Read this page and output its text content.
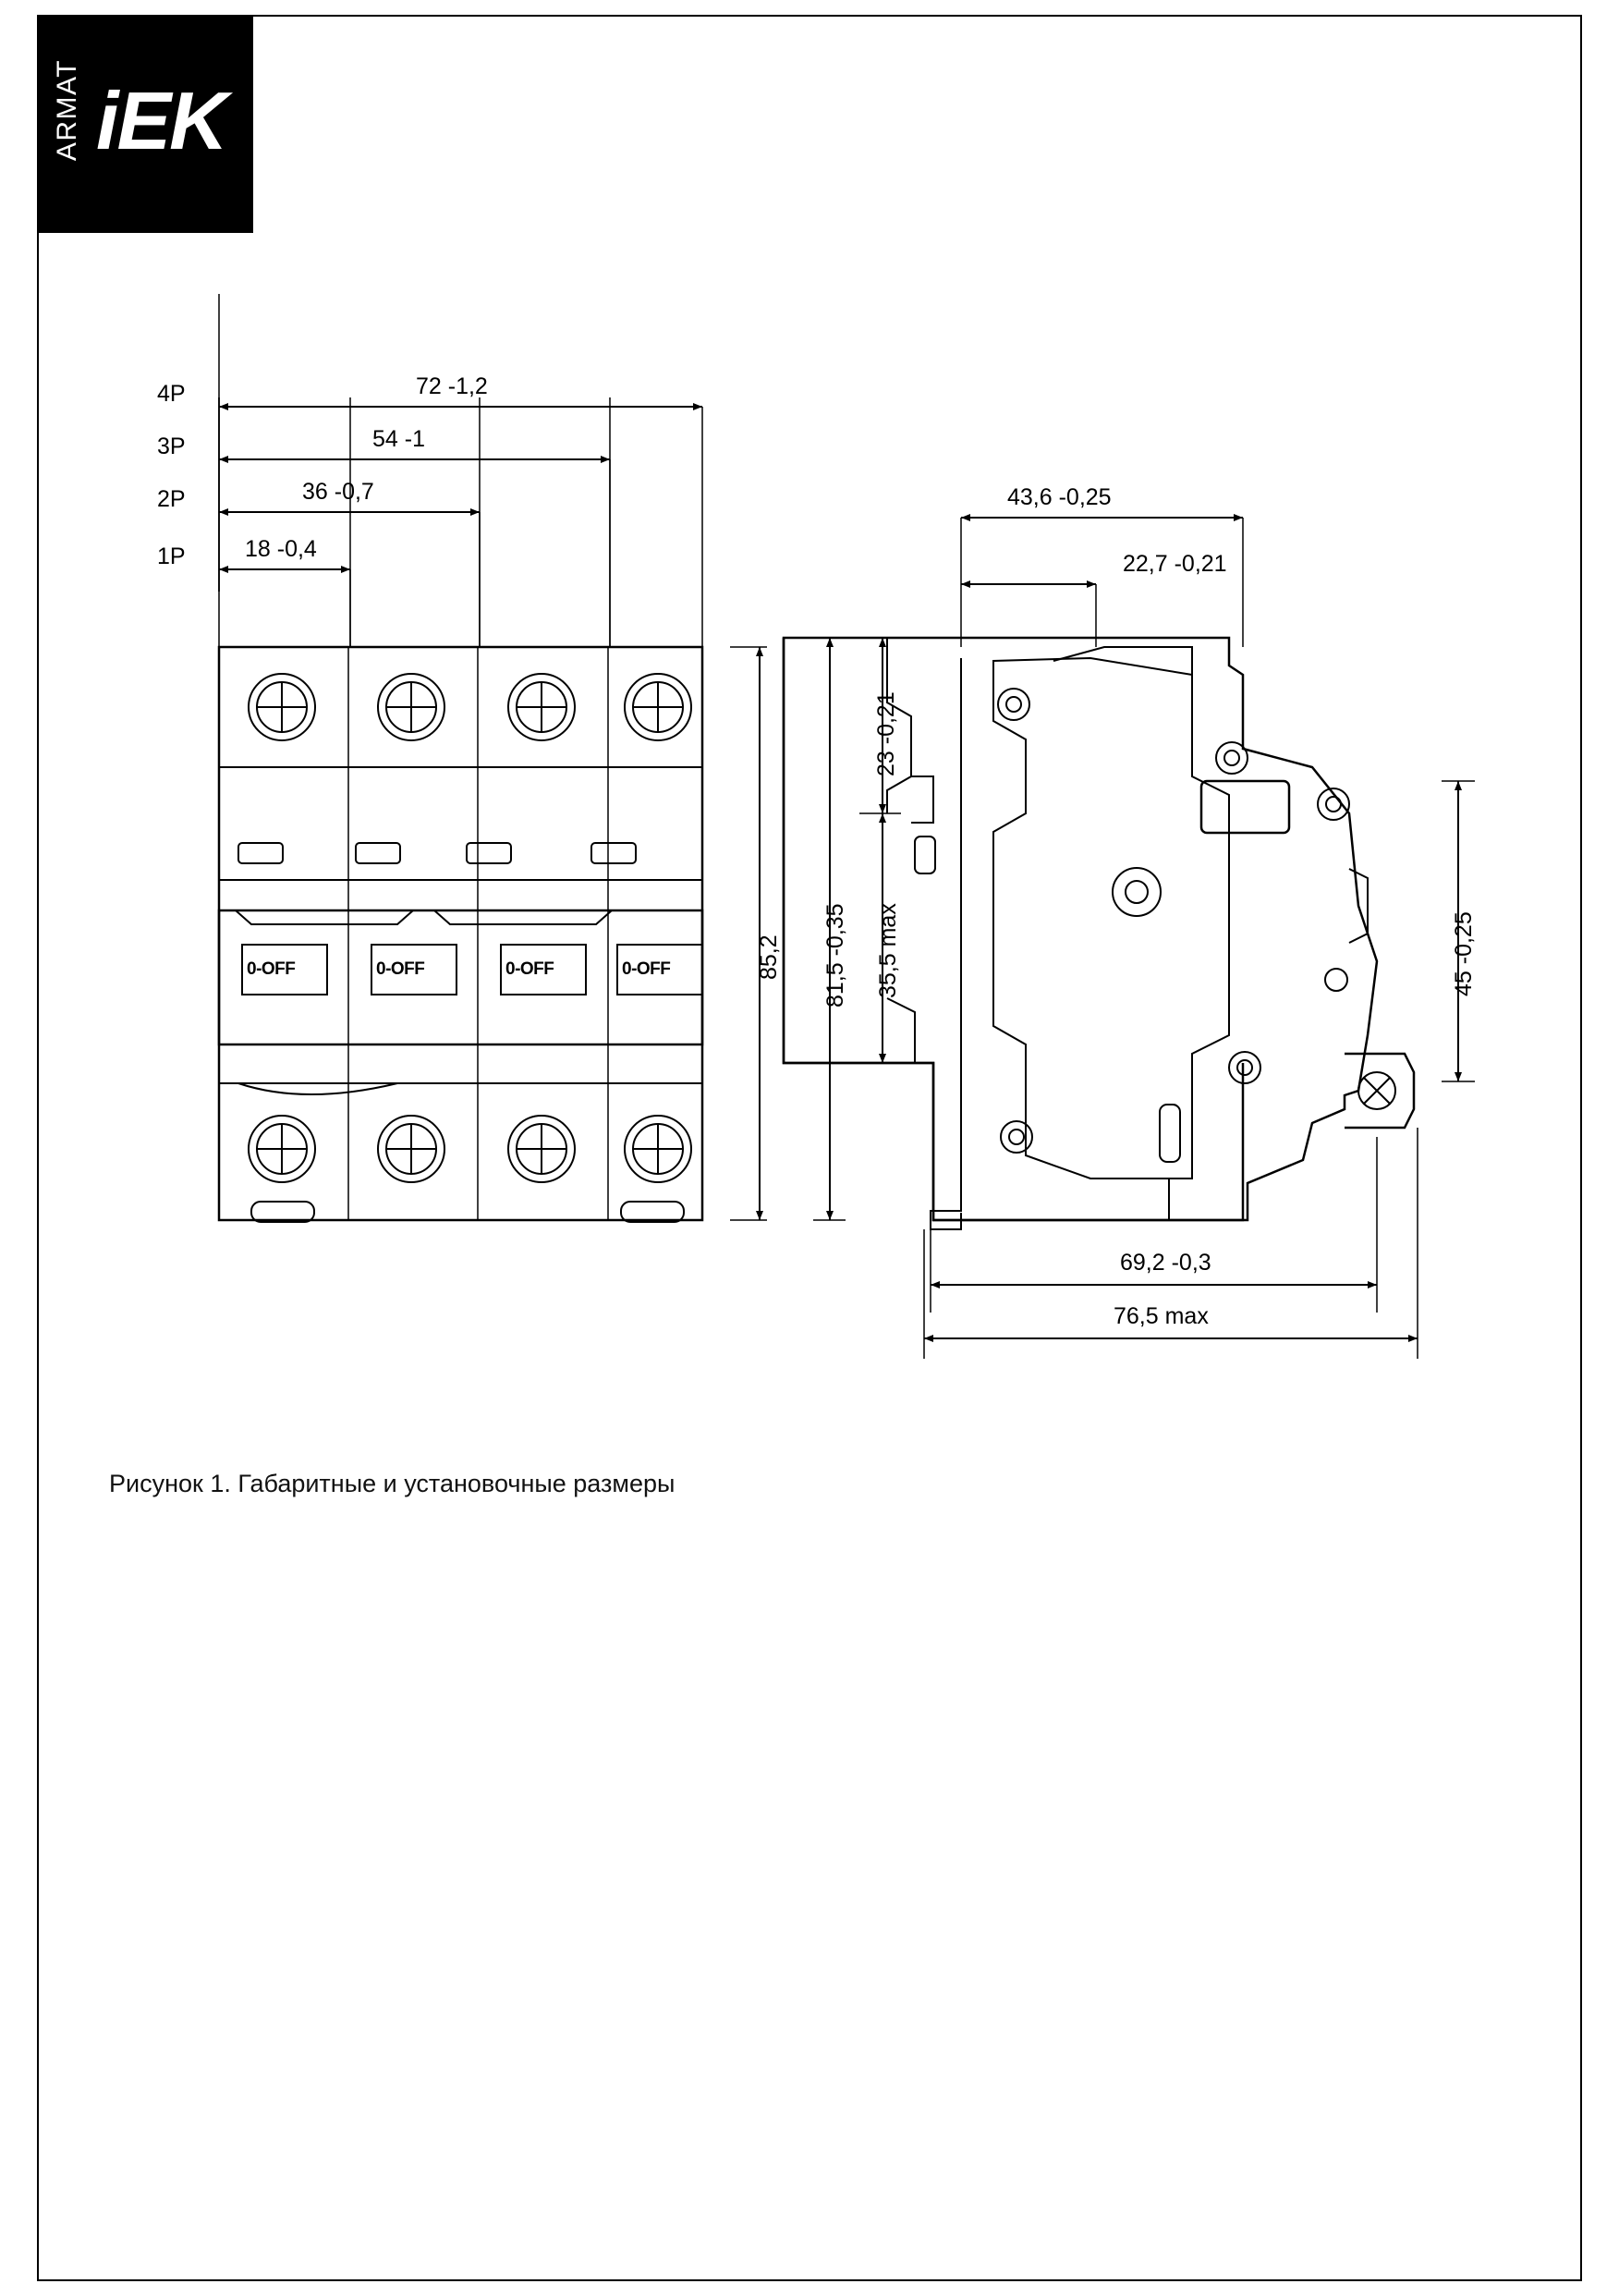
ARMAT iEK
4P
3P
2P
1P
72 -1,2
54 -1
36 -0,7
18 -0,4
85,2
0-OFF	0-OFF	0-OFF	0-OFF
43,6 -0,25
22,7 -0,21
23 -0,21
81,5 -0,35 35,5 max	45 -0,25
69,2 -0,3
76,5 max
Рисунок 1. Габаритные и установочные размеры
